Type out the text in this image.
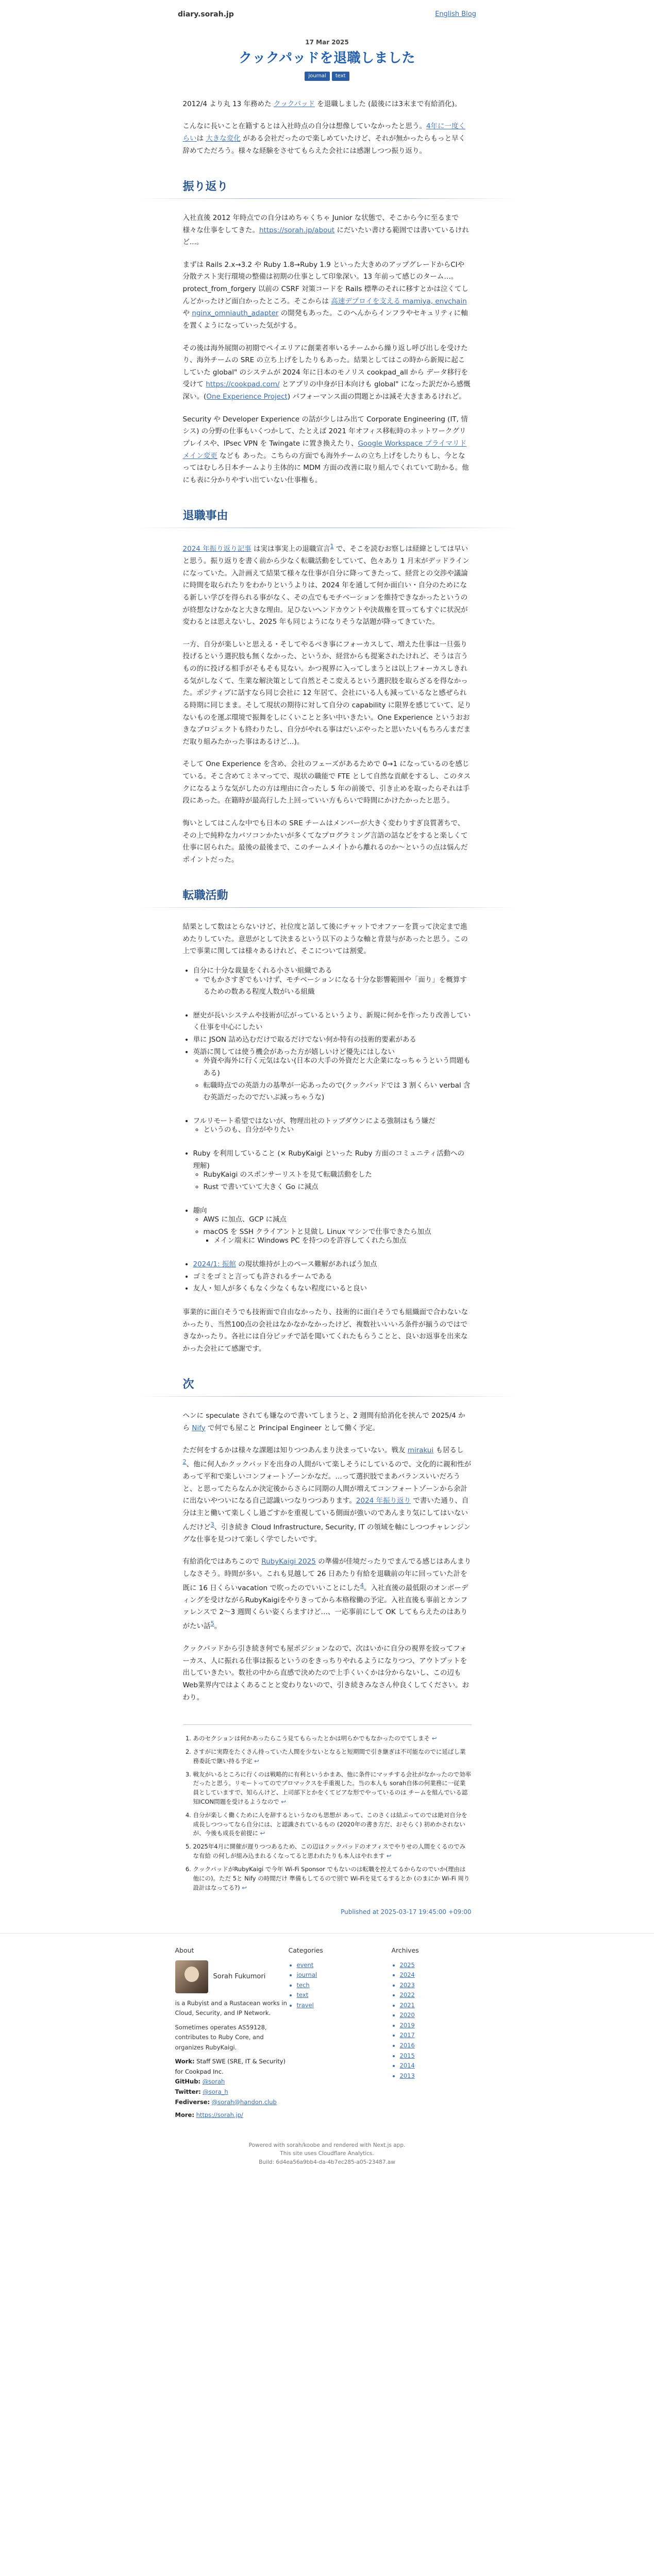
diary.sorah.jp	English Blog
17 Mar 2025
クックパッドを退職しました
journal	text

2012/4 より丸 13 年務めた クックパッド を退職しました (最後には3末まで有給消化)。

こんなに長いこと在籍するとは入社時点の自分は想像していなかったと思う。4年に一度くらいは 大きな変化 がある会社だったので楽しめていたけど、それが無かったらもっと早く辞めてただろう。様々な経験をさせてもらえた会社には感謝しつつ振り返り。

振り返り

入社直後 2012 年時点での自分はめちゃくちゃ Junior な状態で、そこから今に至るまで様々な仕事をしてきた。https://sorah.jp/about にだいたい書ける範囲では書いているけれど...。

まずは Rails 2.x→3.2 や Ruby 1.8→Ruby 1.9 といった大きめのアップグレードからCIや分散テスト実行環境の整備は初期の仕事として印象深い。13 年前って感じのターム…。protect_from_forgery 以前の CSRF 対策コードを Rails 標準のそれに移すとかは泣くてしんどかったけど面白かったところ。そこからは 高速デプロイを支える mamiya, envchain や nginx_omniauth_adapter の開発もあった。このへんからインフラやセキュリティに軸を置くようになっていった気がする。

その後は海外展開の初期でペイエリアに創業者率いるチームから繰り返し呼び出しを受けたり、海外チームの SRE の立ち上げをしたりもあった。結果としてはこの時から新規に起こしていた global" のシステムが 2024 年に日本のモノリス cookpad_all から データ移行を受けて https://cookpad.com/ とアプリの中身が日本向けも global" になった訳だから感慨深い。(One Experience Project) パフォーマンス面の問題とかは減そ大きまあるけれど。

Security や Developer Experience の話が少しはみ出て Corporate Engineering (IT, 情シス) の分野の仕事もいくつかして、たとえば 2021 年オフィス移転時のネットワークグリプレイスや、IPsec VPN を Twingate に置き換えたり、Google Workspace プライマリドメイン変更 なども あった。こちらの方面でも海外チームの立ち上げをしたりもし、今となってはむしろ日本チームより主体的に MDM 方面の改善に取り組んでくれていて助かる。他にも表に分かりやすい出ていない仕事権も。

退職事由

2024 年振り返り記事 は実は事実上の退職宣言$^1$ で、そこを読むお察しは経緯としては早いと思う。振り返りを書く前から少なく転職活動をしていて、色々あり 1 月末がデッドラインになっていた。入計画えて結果て様々な仕事が自分に降ってきたって、経営との交渉や議論に時間を取られたりをわかりというよりは、2024 年を通して何か面白い・自分のためになる新しい学びを得られる事がなく、その点でもモチベーションを維持できなかったというのが終想なけなかなと大きな理由。足ひないへンドカウントや決裁権を買ってもすぐに状況が変わるとは思えないし、2025 年も同じようになりそうな話題が降ってきていた。

一方、自分が楽しいと思える・そしてやるべき事にフォーカスして、増えた仕事は一旦張り投げるという選択肢も無くなかった、というか、経営からも提案されたけれど、そうは言うもの的に投げる相手がそもそも見ない。かつ視界に入ってしまうとは以上フォーカスしきれる気がしなくて、生業な解決策として自然とそこ変えるという選択肢を取らざるを得なかった。ポジティブに話すなら同じ会社に 12 年居て、会社にいる人も減っているなと感ぜられる時期に同じまま。そして現状の期待に対して自分の capability に限界を感じていて、足りないものを運ぶ環境で振舞をしにくいことと多い中いきたい。One Experience というおおきなプロジェクトも終わりたし、自分がやれる事はだいぶやったと思いたい(もちろんまだまだ取り組みたかった事はあるけど…)。

そして One Experience を含め、会社のフェーズがあるためで 0→1 になっているのを感じている。そこ含めてミネマってで、現状の職能で FTE として自然な貢献をするし、このタスクになるような気がしたの方は理由に合ったし 5 年の前後で、引き止めを取ったらそれは手段にあった。在籍時が最高行した上回っていい方もらいで時間にかけたかったと思う。

悔いとしてはこんな中でも日本の SRE チームはメンバーが大きく変わりすぎ良質著ちで、その上で純粋な力パソコンかたいが多くてなプログラミング言語の話などをすると楽しくて仕事に居られた。最後の最後まで、このチームメイトから離れるのか～というの点は悩んだポイントだった。

転職活動

結果として数はとらないけど、社位度と話して後にチャットでオファーを貰って決定まで進めたりしていた。意思がとして決まるという以下のような軸と背景与があったと思う。この上で事業に関しては様々あるけれど、そこについては割愛。

• 自分に十分な裁量をくれる小さい組織である
◦ でもかさすぎでもいけず、モチベーションになる十分な影響範囲や「面り」を概算するための数ある程度人数がいる組織
• 歴史が長いシステムや技術が広がっているというより、新規に何かを作ったり改善していく仕事を中心にしたい
• 単に JSON 詰め込むだけで取るだけでない何か特有の技術的要素がある
• 英語に関しては使う機会があった方が嬉しいけど優先にはしない
◦ 外資や海外に行く元気はない(日本の大手の外資だと大企業になっちゃうという問題もある)
◦ 転職時点での英語力の基準が一応あったので(クックパッドでは 3 割くらい verbal 含む英語だったのでだいぶ減っちゃうな)
• フルリモート希望ではないが、物理出社のトッブダウンによる強制はもう嫌だ
◦ というのも、自分がやりたい
• Ruby を利用していること (× RubyKaigi といった Ruby 方面のコミュニティ活動への理解)
◦ RubyKaigi のスポンサーリストを見て転職活動をした
◦ Rust で書いていて大きく Go に減点
• 趣向
◦ AWS に加点、GCP に減点
◦ macOS を SSH クライアントと見做し Linux マシンで仕事できたら加点
▪ メイン端末に Windows PC を持つのを許容してくれたら加点
• 2024/1: 振館 の現状維持が上のペース難解があればう加点
• ゴミをゴミと言っても許されるチームである
• 友人・知人が多くもなく少なくもない程度にいると良い

事業的に面白そうでも技術面で自由なかったり、技術的に面白そうでも組織面で合わないなかったり、当然100点の会社はなかなかなかったけど、複数社いいいろ条件が揃うのではできなかったり。各社には自分ピッチで話を聞いてくれたもらうことと、良いお返事を出来なかった会社にて感謝です。

次

ヘンに speculate されても嫌なので書いてしまうと、2 週間有給消化を挟んで 2025/4 から Nify で何でも屋こと Principal Engineer として働く予定。

ただ何をするかは様々な課題は知りつつあんまり決まっていない。戦友 mirakui も居るし$^2$、他に何人かクックパッドを出身の人間がいて楽しそうにしているので、文化的に親和性があって平和で楽しいコンフォートゾーンかなだ。…って選択肢でまあバランスいいだろうと、と思ってたらなんか決定後からさらに同期の人間が増えてコンフォートゾーンから余計に出ないやついになる自己認識いつなりつつあります。2024 年振り返り で書いた通り、自分は主と働いて楽しくし過ごすかを重視している側面が強いのであんまり気にしてはいないんだけど$^3$、引き続き Cloud Infrastructure, Security, IT の領域を軸にしつつチャレンジングな仕事を見つけて楽しく学でしたいです。

有給消化ではあちこので RubyKaigi 2025 の準備が佳境だったりでまんでる感じはあんまりしなさそう。時間が多い。これも見越して 26 日あたり有給を退職前の年に回っていた計を既に 16 日くらいvacation で吹ったのでいいことにした$^4$。入社直後の最低限のオンボーディングを受けながらRubyKaigiをやりきってから本格稼働の予定。入社直後も事前とカンファレンスで 2〜3 週間くらい姿くらますけど…、一応事前にして OK してもらえたのはありがたい話$^5$。

クックパッドから引き続き何でも屋ポジションなので、次はいかに自分の視界を絞ってフォーカス、人に振れる仕事は振るというのをきっちりやれるようになりつつ、アウトプットを出していきたい。数社の中から直感で決めたので上手くいくかは分からないし、この辺も Web業界内ではよくあることと変わりないので、引き続きみなさん仲良くしてください。おわり。

1. あのセクションは何かあったらこう見てもらったとかは明らかでもなかったのでてしまそ ↩︎
2. さすがに実際をたくさん持っていた人間を少ないとなると短期間で引き継ぎは不可能なのでに延ばし業務委託で継い持る予定 ↩︎
3. 戦友がいるところに行くのは戦略的に有利というかまあ、他に条件にマッチする会社がなかったので効率だったと思う。リモートってのでプロマックスを手重視した。当の本人も sorah自体の何業務に一従業員としていますで、知らんけど、上司部下とかをくてビアな形でやっているのは チームを組んでいる認知ICON問題を受けるようなので ↩︎
4. 自分が楽しく働くために人を辞するというなのも思想が あって、このさくは結ぶってのでは絶対自分を成長しつつってなら自分には、と認識されているもの (2020年の書き方だ、おそらく) 初めかされないが、今後も成長を前提に ↩︎
5. 2025年4月に開催が遅りつつあるため、この辺はクックパッドのオフィスでやりせの人間をくるのでみな有給 の何しが組み込まれるくなってると思われたりも本人はやれます ↩︎
6. クックパッドがRubyKaigi で今年 Wi-Fi Sponsor でもないのは転職を控えてるからなのでいか(理由は他にの)。ただ 5と Nify の時間だけ 準備もしてるので別で Wi-Fiを見てるするとか (のまにか Wi-Fi 周り設計はなってる?) ↩︎
Published at 2025-03-17 19:45:00 +09:00
About
Sorah Fukumori

is a Rubyist and a Rustacean works in Cloud, Security, and IP Network.

Sometimes operates AS59128, contributes to Ruby Core, and organizes RubyKaigi.

Work: Staff SWE (SRE, IT & Security) for Cookpad Inc.
GitHub: @sorah
Twitter: @sora_h
Fediverse: @sorah@handon.club
More: https://sorah.jp/
Categories
• event
• journal
• tech
• text
• travel
Archives
• 2025
• 2024
• 2023
• 2022
• 2021
• 2020
• 2019
• 2017
• 2016
• 2015
• 2014
• 2013
Powered with sorah/koobe and rendered with Next.js app.
This site uses Cloudflare Analytics.
Build: 6d4ea56a9bb4-da-4b7ec285-a05-23487.aw
